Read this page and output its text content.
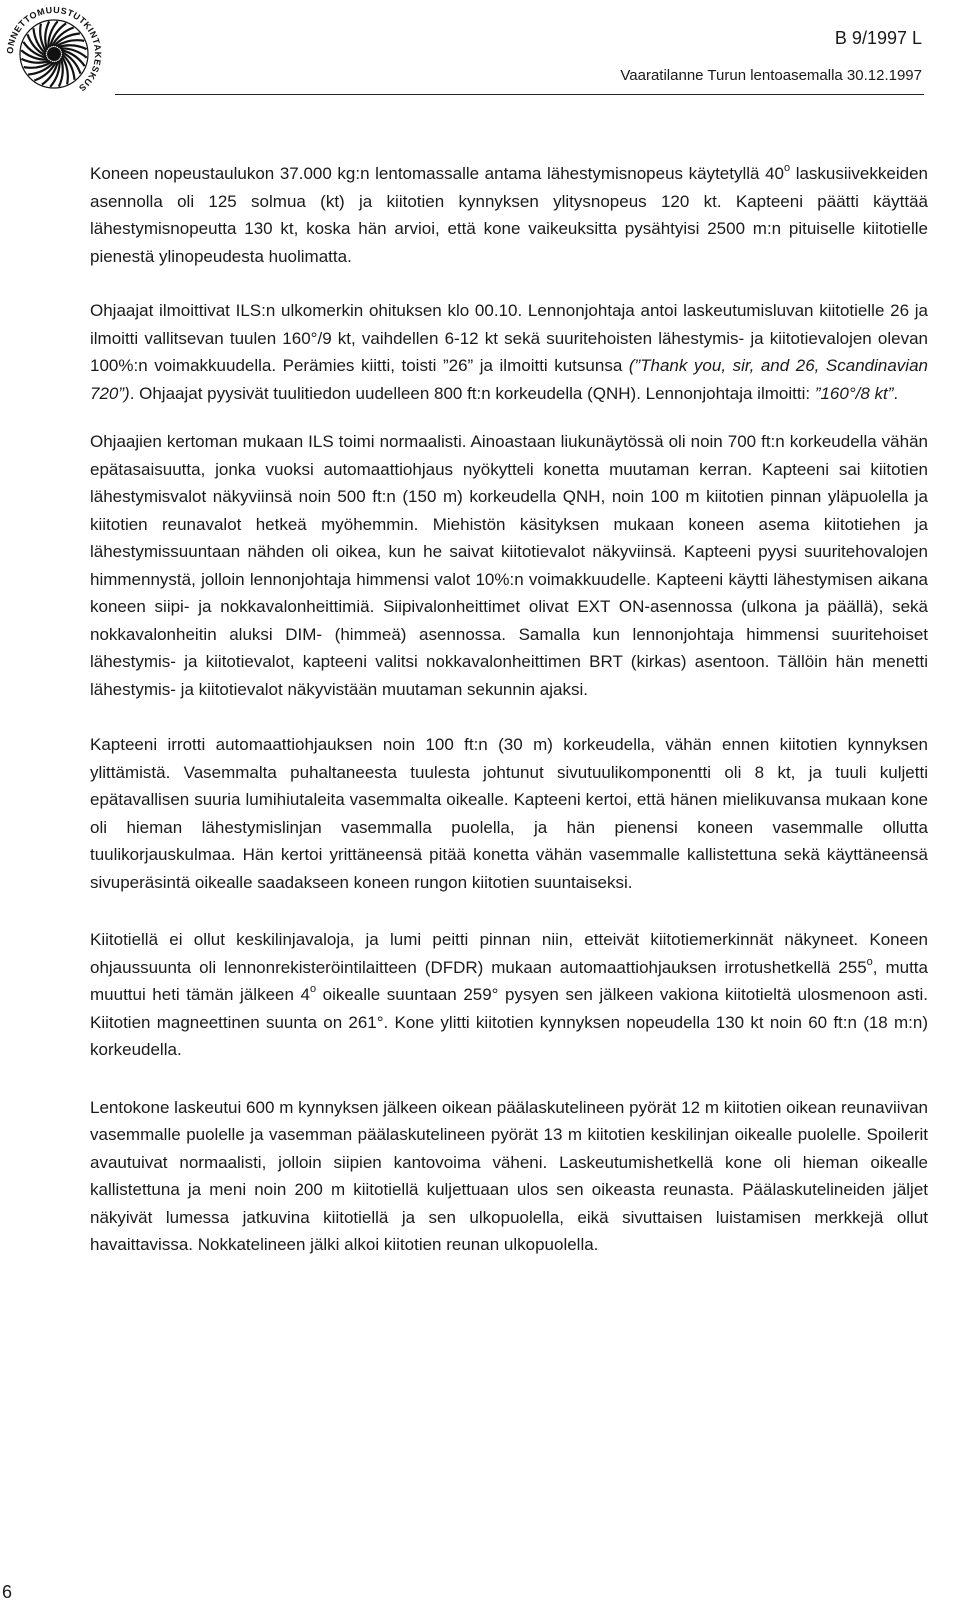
ONNETTOMUUSTUTKINTAKESKUS
B 9/1997 L
Vaaratilanne Turun lentoasemalla 30.12.1997

Koneen nopeustaulukon 37.000 kg:n lentomassalle antama lähestymisnopeus käytetyllä 40$^o$ laskusiivekkeiden asennolla oli 125 solmua (kt) ja kiitotien kynnyksen ylitysnopeus 120 kt. Kapteeni päätti käyttää lähestymisnopeutta 130 kt, koska hän arvioi, että kone vaikeuksitta pysähtyisi 2500 m:n pituiselle kiitotielle pienestä ylinopeudesta huolimatta.

Ohjaajat ilmoittivat ILS:n ulkomerkin ohituksen klo 00.10. Lennonjohtaja antoi laskeutumisluvan kiitotielle 26 ja ilmoitti vallitsevan tuulen 160°/9 kt, vaihdellen 6-12 kt sekä suuritehoisten lähestymis- ja kiitotievalojen olevan 100%:n voimakkuudella. Perämies kiitti, toisti ”26” ja ilmoitti kutsunsa (”Thank you, sir, and 26, Scandinavian 720”). Ohjaajat pyysivät tuulitiedon uudelleen 800 ft:n korkeudella (QNH). Lennonjohtaja ilmoitti: ”160°/8 kt”.

Ohjaajien kertoman mukaan ILS toimi normaalisti. Ainoastaan liukunäytössä oli noin 700 ft:n korkeudella vähän epätasaisuutta, jonka vuoksi automaattiohjaus nyökytteli konetta muutaman kerran. Kapteeni sai kiitotien lähestymisvalot näkyviinsä noin 500 ft:n (150 m) korkeudella QNH, noin 100 m kiitotien pinnan yläpuolella ja kiitotien reunavalot hetkeä myöhemmin. Miehistön käsityksen mukaan koneen asema kiitotiehen ja lähestymissuuntaan nähden oli oikea, kun he saivat kiitotievalot näkyviinsä. Kapteeni pyysi suuritehovalojen himmennystä, jolloin lennonjohtaja himmensi valot 10%:n voimakkuudelle. Kapteeni käytti lähestymisen aikana koneen siipi- ja nokkavalonheittimiä. Siipivalonheittimet olivat EXT ON-asennossa (ulkona ja päällä), sekä nokkavalonheitin aluksi DIM- (himmeä) asennossa. Samalla kun lennonjohtaja himmensi suuritehoiset lähestymis- ja kiitotievalot, kapteeni valitsi nokkavalonheittimen BRT (kirkas) asentoon. Tällöin hän menetti lähestymis- ja kiitotievalot näkyvistään muutaman sekunnin ajaksi.

Kapteeni irrotti automaattiohjauksen noin 100 ft:n (30 m) korkeudella, vähän ennen kiitotien kynnyksen ylittämistä. Vasemmalta puhaltaneesta tuulesta johtunut sivutuulikomponentti oli 8 kt, ja tuuli kuljetti epätavallisen suuria lumihiutaleita vasemmalta oikealle. Kapteeni kertoi, että hänen mielikuvansa mukaan kone oli hieman lähestymislinjan vasemmalla puolella, ja hän pienensi koneen vasemmalle ollutta tuulikorjauskulmaa. Hän kertoi yrittäneensä pitää konetta vähän vasemmalle kallistettuna sekä käyttäneensä sivuperäsintä oikealle saadakseen koneen rungon kiitotien suuntaiseksi.

Kiitotiellä ei ollut keskilinjavaloja, ja lumi peitti pinnan niin, etteivät kiitotiemerkinnät näkyneet. Koneen ohjaussuunta oli lennonrekisteröintilaitteen (DFDR) mukaan automaattiohjauksen irrotushetkellä 255$^o$, mutta muuttui heti tämän jälkeen 4$^o$ oikealle suuntaan 259° pysyen sen jälkeen vakiona kiitotieltä ulosmenoon asti. Kiitotien magneettinen suunta on 261°. Kone ylitti kiitotien kynnyksen nopeudella 130 kt noin 60 ft:n (18 m:n) korkeudella.

Lentokone laskeutui 600 m kynnyksen jälkeen oikean päälaskutelineen pyörät 12 m kiitotien oikean reunaviivan vasemmalle puolelle ja vasemman päälaskutelineen pyörät 13 m kiitotien keskilinjan oikealle puolelle. Spoilerit avautuivat normaalisti, jolloin siipien kantovoima väheni. Laskeutumishetkellä kone oli hieman oikealle kallistettuna ja meni noin 200 m kiitotiellä kuljettuaan ulos sen oikeasta reunasta. Päälaskutelineiden jäljet näkyivät lumessa jatkuvina kiitotiellä ja sen ulkopuolella, eikä sivuttaisen luistamisen merkkejä ollut havaittavissa. Nokkatelineen jälki alkoi kiitotien reunan ulkopuolella.

6
